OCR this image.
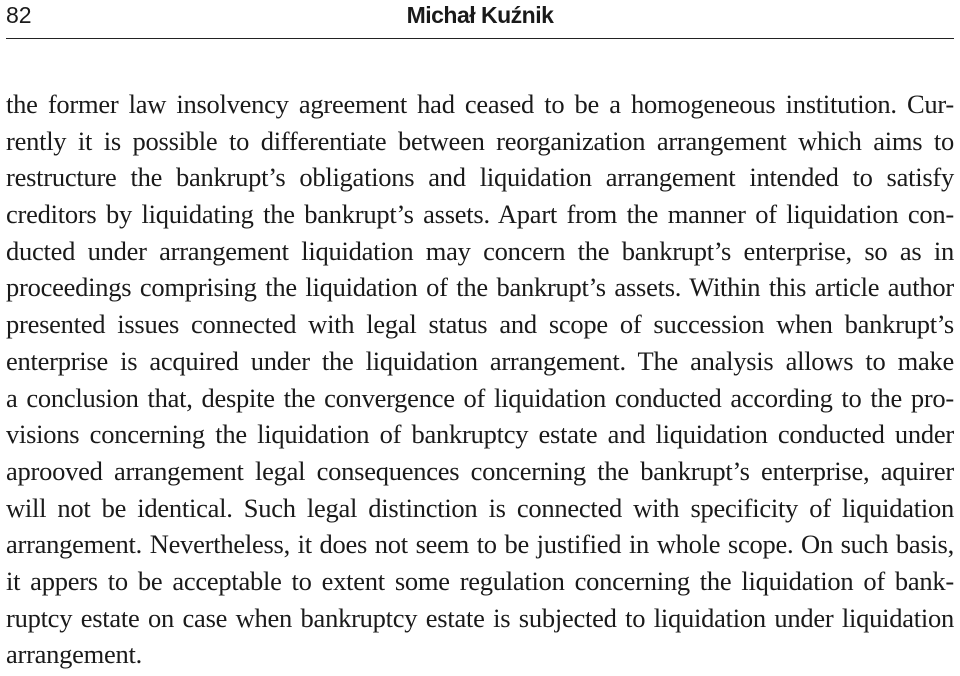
82	Michał Kuźnik
the former law insolvency agreement had ceased to be a homogeneous institution. Cur-
rently it is possible to differentiate between reorganization arrangement which aims to
restructure the bankrupt’s obligations and liquidation arrangement intended to satisfy
creditors by liquidating the bankrupt’s assets. Apart from the manner of liquidation con-
ducted under arrangement liquidation may concern the bankrupt’s enterprise, so as in
proceedings comprising the liquidation of the bankrupt’s assets. Within this article author
presented issues connected with legal status and scope of succession when bankrupt’s
enterprise is acquired under the liquidation arrangement. The analysis allows to make
a conclusion that, despite the convergence of liquidation conducted according to the pro-
visions concerning the liquidation of bankruptcy estate and liquidation conducted under
aprooved arrangement legal consequences concerning the bankrupt’s enterprise, aquirer
will not be identical. Such legal distinction is connected with specificity of liquidation
arrangement. Nevertheless, it does not seem to be justified in whole scope. On such basis,
it appers to be acceptable to extent some regulation concerning the liquidation of bank-
ruptcy estate on case when bankruptcy estate is subjected to liquidation under liquidation
arrangement.
